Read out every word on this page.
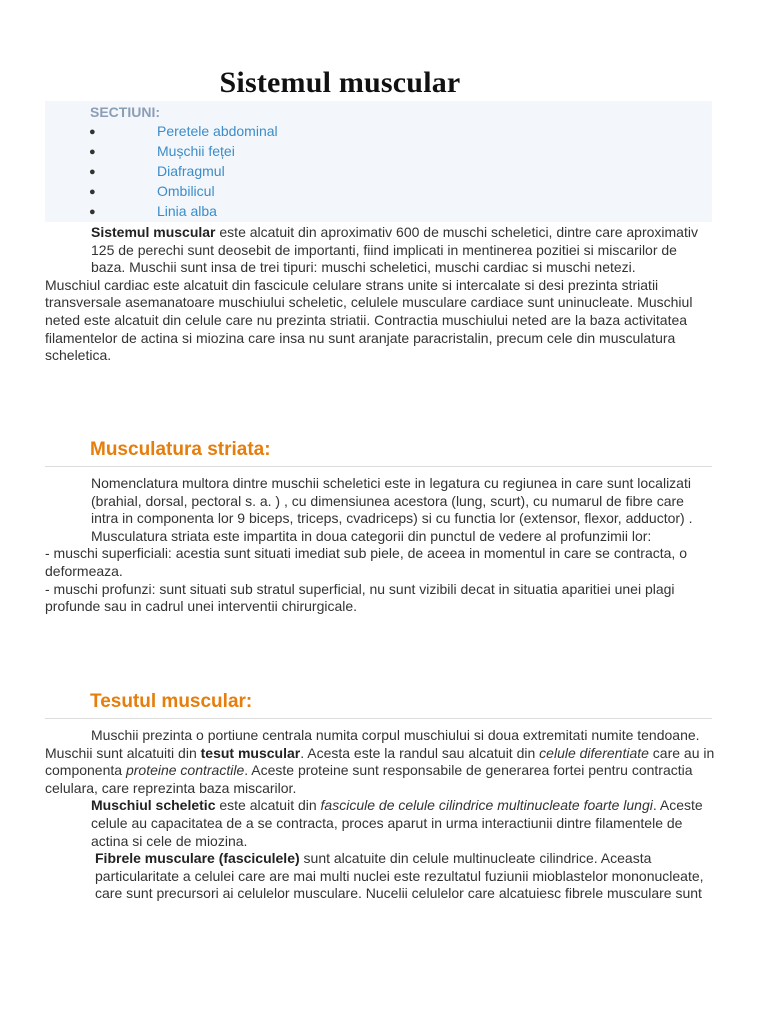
Sistemul muscular
SECTIUNI:
●	Peretele abdominal
●	Mușchii feței
●	Diafragmul
●	Ombilicul
●	Linia alba

Sistemul muscular este alcatuit din aproximativ 600 de muschi scheletici, dintre care aproximativ 125 de perechi sunt deosebit de importanti, fiind implicati in mentinerea pozitiei si miscarilor de baza. Muschii sunt insa de trei tipuri: muschi scheletici, muschi cardiac si muschi netezi.

Muschiul cardiac este alcatuit din fascicule celulare strans unite si intercalate si desi prezinta striatii transversale asemanatoare muschiului scheletic, celulele musculare cardiace sunt uninucleate. Muschiul neted este alcatuit din celule care nu prezinta striatii. Contractia muschiului neted are la baza activitatea filamentelor de actina si miozina care insa nu sunt aranjate paracristalin, precum cele din musculatura scheletica.

Musculatura striata:

Nomenclatura multora dintre muschii scheletici este in legatura cu regiunea in care sunt localizati (brahial, dorsal, pectoral s. a. ) , cu dimensiunea acestora (lung, scurt), cu numarul de fibre care intra in componenta lor 9 biceps, triceps, cvadriceps) si cu functia lor (extensor, flexor, adductor) .

Musculatura striata este impartita in doua categorii din punctul de vedere al profunzimii lor:

- muschi superficiali: acestia sunt situati imediat sub piele, de aceea in momentul in care se contracta, o deformeaza.

- muschi profunzi: sunt situati sub stratul superficial, nu sunt vizibili decat in situatia aparitiei unei plagi profunde sau in cadrul unei interventii chirurgicale.

Tesutul muscular:

Muschii prezinta o portiune centrala numita corpul muschiului si doua extremitati numite tendoane.

Muschii sunt alcatuiti din tesut muscular. Acesta este la randul sau alcatuit din celule diferentiate care au in componenta proteine contractile. Aceste proteine sunt responsabile de generarea fortei pentru contractia celulara, care reprezinta baza miscarilor.

Muschiul scheletic este alcatuit din fascicule de celule cilindrice multinucleate foarte lungi. Aceste celule au capacitatea de a se contracta, proces aparut in urma interactiunii dintre filamentele de actina si cele de miozina.

Fibrele musculare (fasciculele) sunt alcatuite din celule multinucleate cilindrice. Aceasta particularitate a celulei care are mai multi nuclei este rezultatul fuziunii mioblastelor mononucleate, care sunt precursori ai celulelor musculare. Nucelii celulelor care alcatuiesc fibrele musculare sunt
